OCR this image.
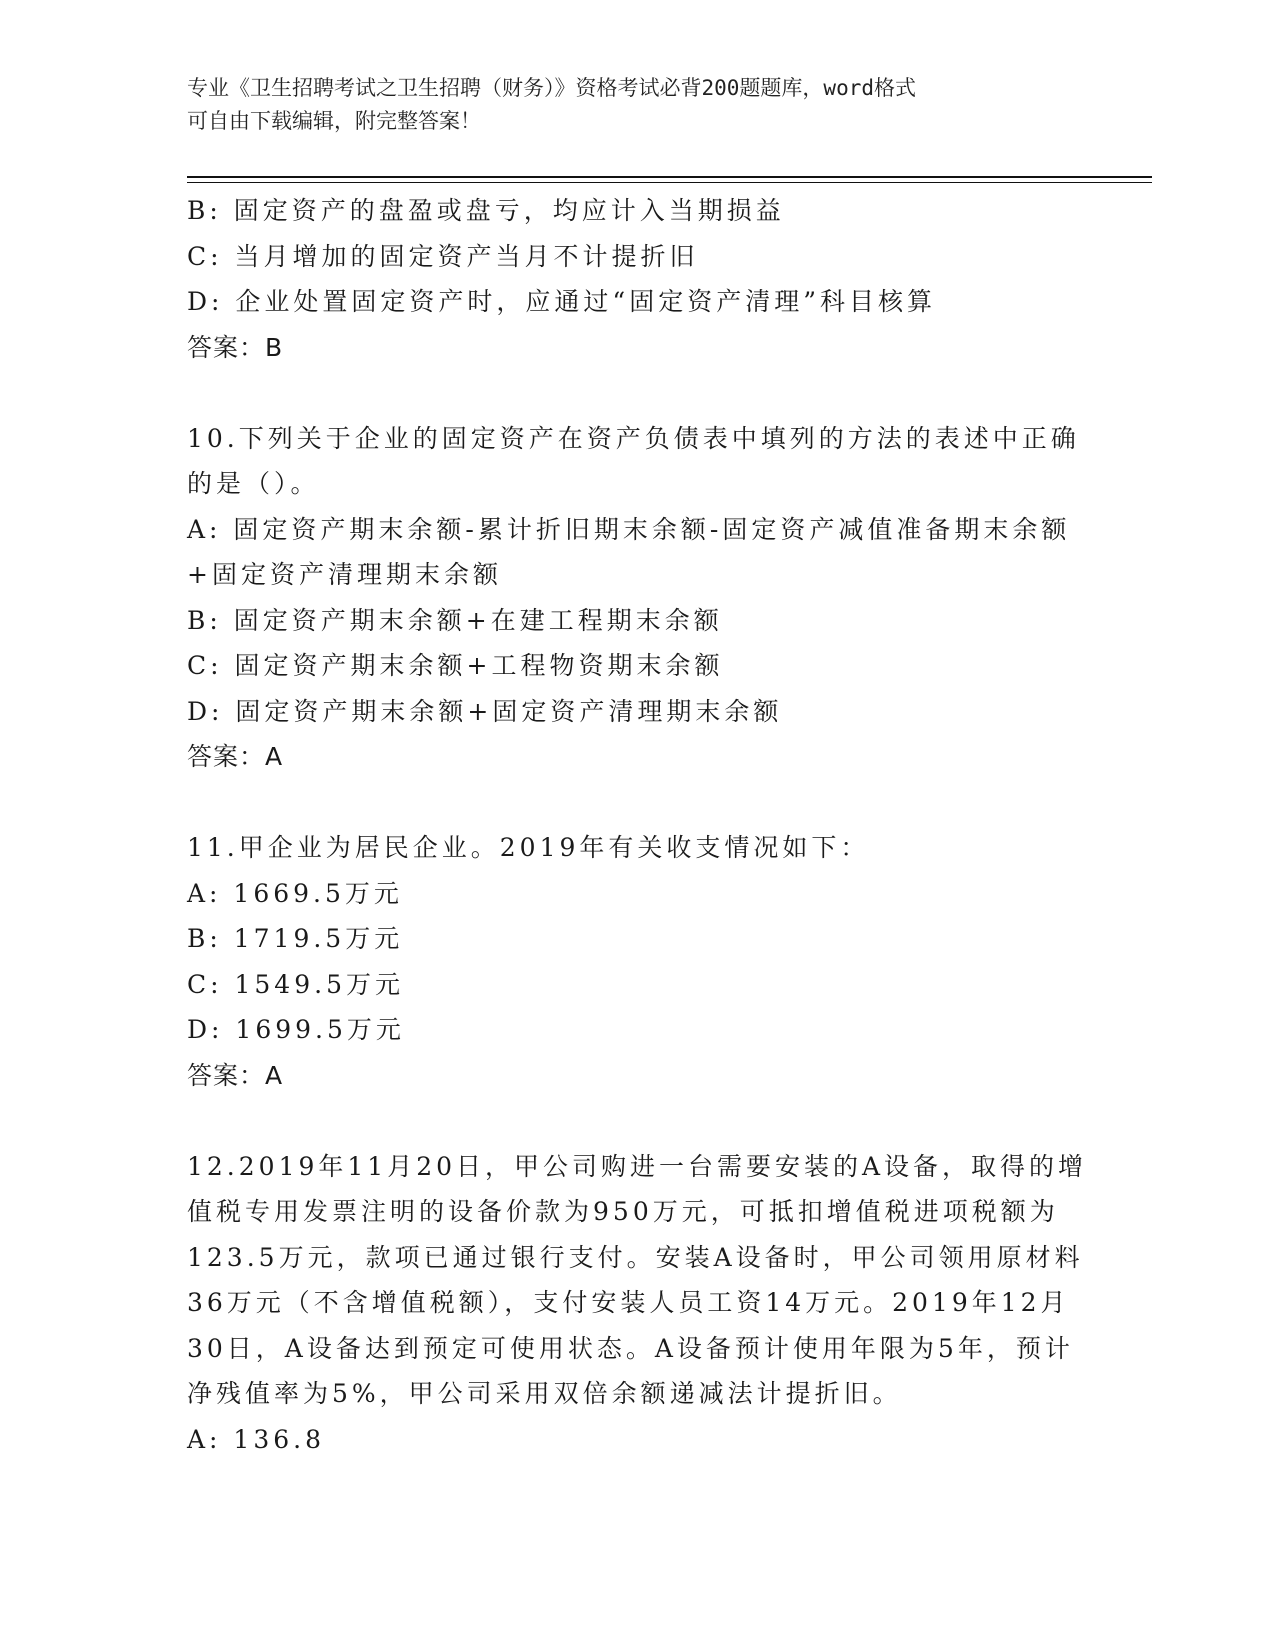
专业《卫生招聘考试之卫生招聘（财务）》资格考试必背200题题库，word格式
可自由下载编辑，附完整答案！
B: 固定资产的盘盈或盘亏，均应计入当期损益
C: 当月增加的固定资产当月不计提折旧
D: 企业处置固定资产时，应通过“固定资产清理”科目核算
答案：B
10.下列关于企业的固定资产在资产负债表中填列的方法的表述中正确
的是（）。
A: 固定资产期末余额-累计折旧期末余额-固定资产减值准备期末余额
+固定资产清理期末余额
B: 固定资产期末余额+在建工程期末余额
C: 固定资产期末余额+工程物资期末余额
D: 固定资产期末余额+固定资产清理期末余额
答案：A
11.甲企业为居民企业。2019年有关收支情况如下：
A: 1669.5万元
B: 1719.5万元
C: 1549.5万元
D: 1699.5万元
答案：A
12.2019年11月20日，甲公司购进一台需要安装的A设备，取得的增
值税专用发票注明的设备价款为950万元，可抵扣增值税进项税额为
123.5万元，款项已通过银行支付。安装A设备时，甲公司领用原材料
36万元（不含增值税额），支付安装人员工资14万元。2019年12月
30日，A设备达到预定可使用状态。A设备预计使用年限为5年，预计
净残值率为5%，甲公司采用双倍余额递减法计提折旧。
A: 136.8
